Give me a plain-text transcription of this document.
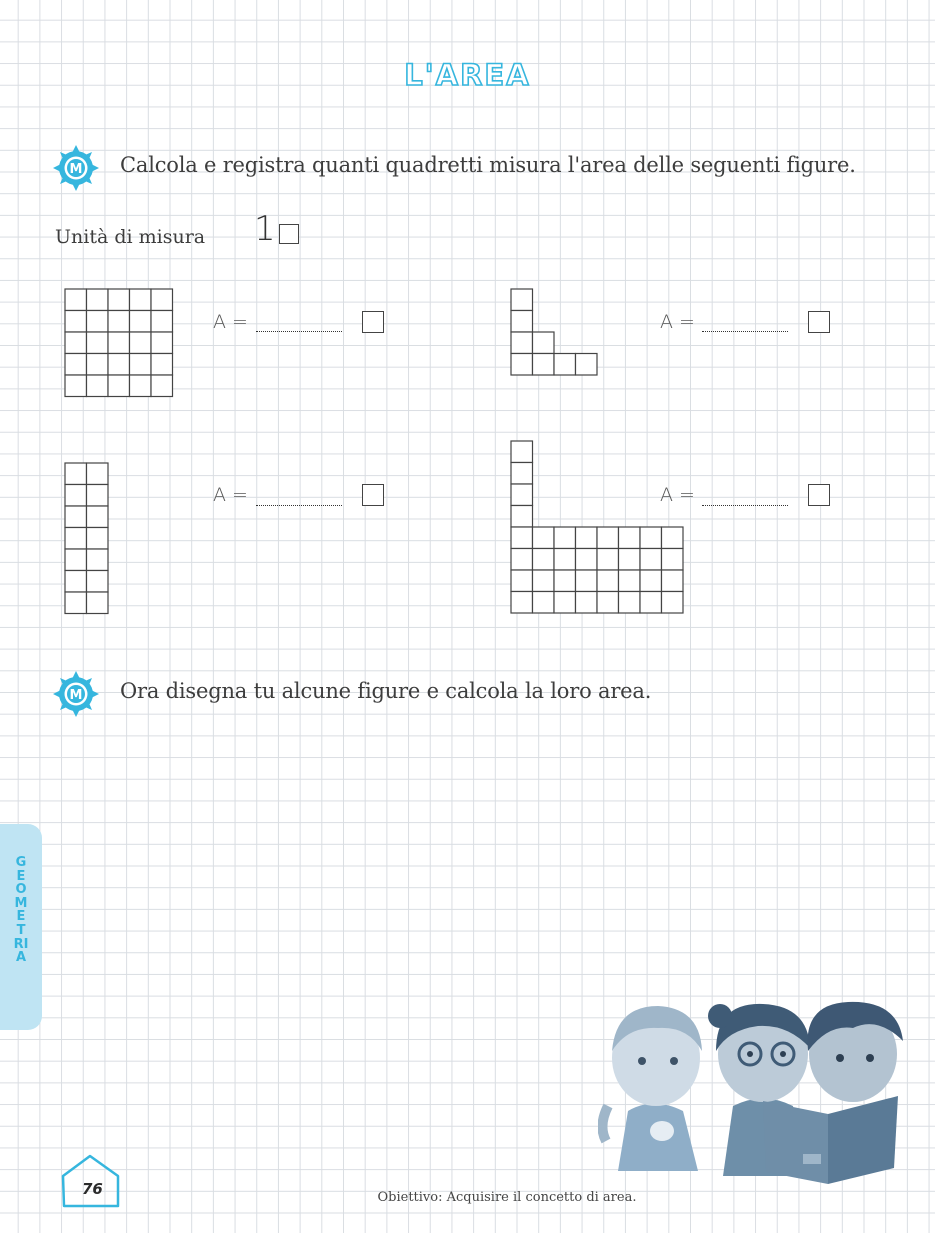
L'AREA
M Calcola e registra quanti quadretti misura l'area delle seguenti figure.
Unità di misura 1
A =	A =
A =	A =
M Ora disegna tu alcune figure e calcola la loro area.
GEOMETRIA
76	Obiettivo: Acquisire il concetto di area.
